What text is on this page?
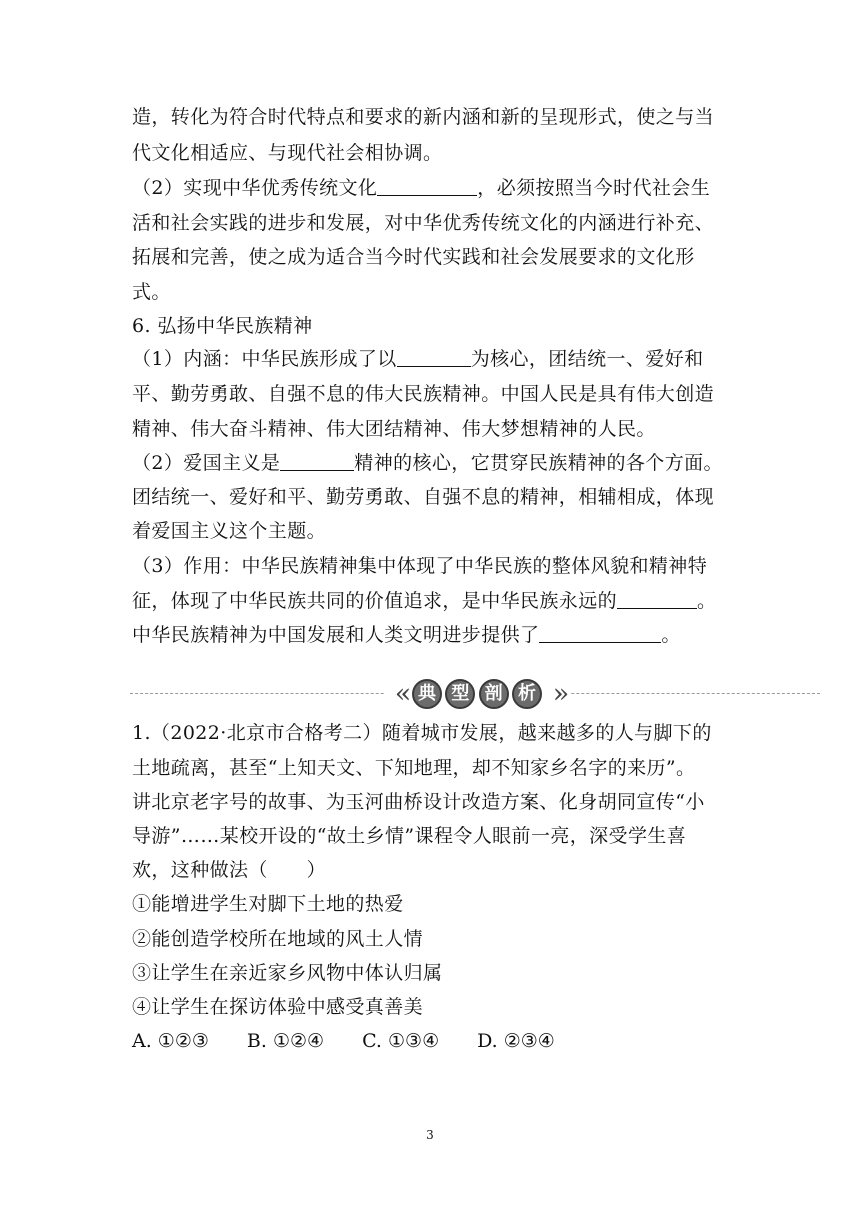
造，转化为符合时代特点和要求的新内涵和新的呈现形式，使之与当
代文化相适应、与现代社会相协调。
（2）实现中华优秀传统文化	，必须按照当今时代社会生
活和社会实践的进步和发展，对中华优秀传统文化的内涵进行补充、
拓展和完善，使之成为适合当今时代实践和社会发展要求的文化形
式。
6. 弘扬中华民族精神
（1）内涵：中华民族形成了以	为核心，团结统一、爱好和
平、勤劳勇敢、自强不息的伟大民族精神。中国人民是具有伟大创造
精神、伟大奋斗精神、伟大团结精神、伟大梦想精神的人民。
（2）爱国主义是	精神的核心，它贯穿民族精神的各个方面。
团结统一、爱好和平、勤劳勇敢、自强不息的精神，相辅相成，体现
着爱国主义这个主题。
（3）作用：中华民族精神集中体现了中华民族的整体风貌和精神特
征，体现了中华民族共同的价值追求，是中华民族永远的	。
中华民族精神为中国发展和人类文明进步提供了	。
«‹ 典 型 剖 析 ›»
1.（2022·北京市合格考二）随着城市发展，越来越多的人与脚下的
土地疏离，甚至“上知天文、下知地理，却不知家乡名字的来历”。
讲北京老字号的故事、为玉河曲桥设计改造方案、化身胡同宣传“小
导游”……某校开设的“故土乡情”课程令人眼前一亮，深受学生喜
欢，这种做法（　　）
①能增进学生对脚下土地的热爱
②能创造学校所在地域的风土人情
③让学生在亲近家乡风物中体认归属
④让学生在探访体验中感受真善美
A. ①②③ B. ①②④ C. ①③④ D. ②③④
3
